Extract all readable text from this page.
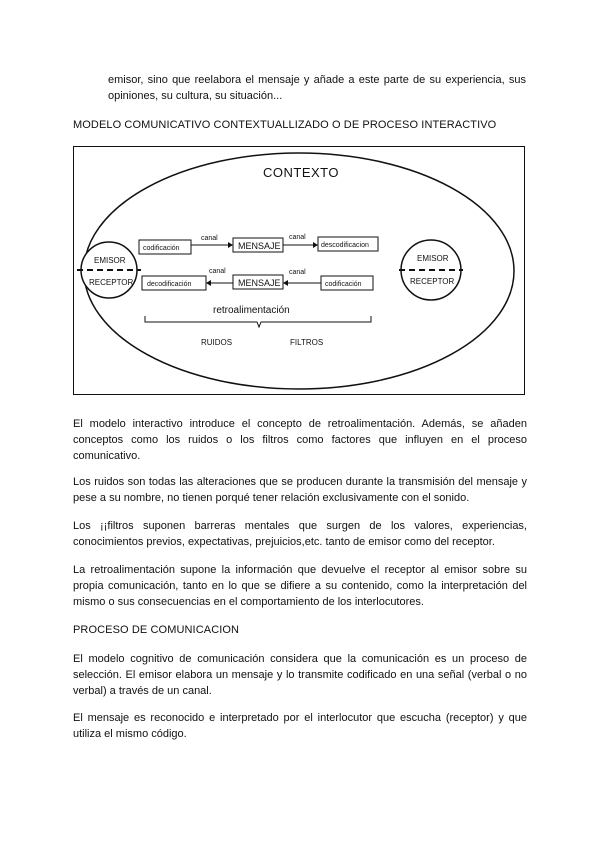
emisor, sino que reelabora el mensaje y añade a este parte de su experiencia, sus opiniones, su cultura, su situación...

MODELO COMUNICATIVO CONTEXTUALLIZADO O DE PROCESO INTERACTIVO

CONTEXTO
EMISOR
RECEPTOR
EMISOR
RECEPTOR
codificación
canal
MENSAJE
canal
descodificacion
decodificación
canal
MENSAJE
canal
codificación
retroalimentación
RUIDOS	FILTROS

El modelo interactivo introduce el concepto de retroalimentación. Además, se añaden conceptos como los ruidos o los filtros como factores que influyen en el proceso comunicativo.

Los ruidos son todas las alteraciones que se producen durante la transmisión del mensaje y pese a su nombre, no tienen porqué tener relación exclusivamente con el sonido.

Los ¡¡filtros suponen barreras mentales que surgen de los valores, experiencias, conocimientos previos, expectativas, prejuicios,etc. tanto de emisor como del receptor.

La retroalimentación supone la información que devuelve el receptor al emisor sobre su propia comunicación, tanto en lo que se difiere a su contenido, como la interpretación del mismo o sus consecuencias en el comportamiento de los interlocutores.

PROCESO DE COMUNICACION

El modelo cognitivo de comunicación considera que la comunicación es un proceso de selección. El emisor elabora un mensaje y lo transmite codificado en una señal (verbal o no verbal) a través de un canal.

El mensaje es reconocido e interpretado por el interlocutor que escucha (receptor) y que utiliza el mismo código.
